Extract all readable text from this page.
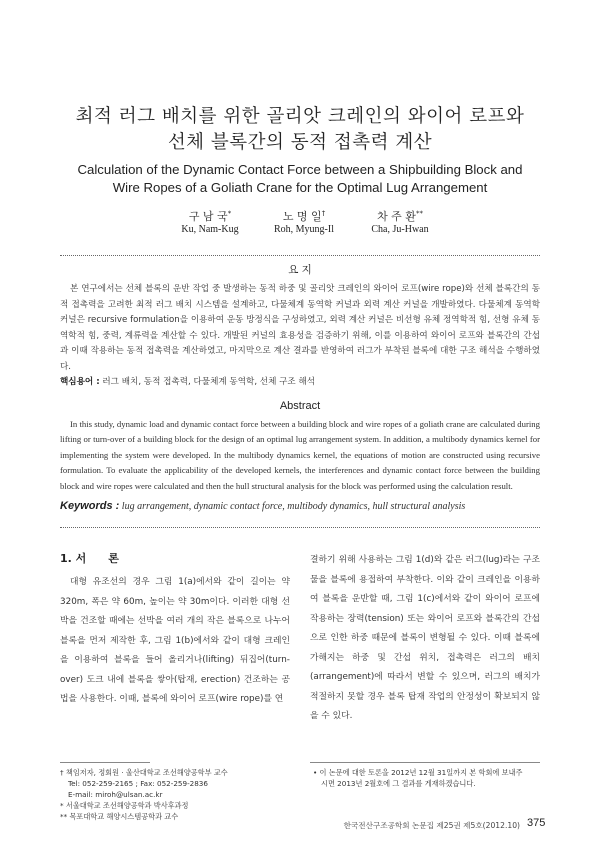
최적 러그 배치를 위한 골리앗 크레인의 와이어 로프와
선체 블록간의 동적 접촉력 계산
Calculation of the Dynamic Contact Force between a Shipbuilding Block and
Wire Ropes of a Goliath Crane for the Optimal Lug Arrangement
구 남 국*
Ku, Nam-Kug
노 명 일†
Roh, Myung-Il
차 주 환**
Cha, Ju-Hwan
요 지

본 연구에서는 선체 블록의 운반 작업 중 발생하는 동적 하중 및 골리앗 크레인의 와이어 로프(wire rope)와 선체 블록간의 동적 접촉력을 고려한 최적 러그 배치 시스템을 설계하고, 다물체계 동역학 커널과 외력 계산 커널을 개발하였다. 다물체계 동역학 커널은 recursive formulation을 이용하여 운동 방정식을 구성하였고, 외력 계산 커널은 비선형 유체 정역학적 힘, 선형 유체 동역학적 힘, 중력, 계류력을 계산할 수 있다. 개발된 커널의 효용성을 검증하기 위해, 이를 이용하여 와이어 로프와 블록간의 간섭과 이때 작용하는 동적 접촉력을 계산하였고, 마지막으로 계산 결과를 반영하여 러그가 부착된 블록에 대한 구조 해석을 수행하였다.

핵심용어 : 러그 배치, 동적 접촉력, 다물체계 동역학, 선체 구조 해석
Abstract

In this study, dynamic load and dynamic contact force between a building block and wire ropes of a goliath crane are calculated during lifting or turn-over of a building block for the design of an optimal lug arrangement system. In addition, a multibody dynamics kernel for implementing the system were developed. In the multibody dynamics kernel, the equations of motion are constructed using recursive formulation. To evaluate the applicability of the developed kernels, the interferences and dynamic contact force between the building block and wire ropes were calculated and then the hull structural analysis for the block was performed using the calculation result.

Keywords : lug arrangement, dynamic contact force, multibody dynamics, hull structural analysis
1. 서　　론

대형 유조선의 경우 그림 1(a)에서와 같이 길이는 약 320m, 폭은 약 60m, 높이는 약 30m이다. 이러한 대형 선박을 건조할 때에는 선박을 여러 개의 작은 블록으로 나누어 블록을 먼저 제작한 후, 그림 1(b)에서와 같이 대형 크레인을 이용하여 블록을 들어 올리거나(lifting) 뒤집어(turn-over) 도크 내에 블록을 쌓아(탑재, erection) 건조하는 공법을 사용한다. 이때, 블록에 와이어 로프(wire rope)를 연

결하기 위해 사용하는 그림 1(d)와 같은 러그(lug)라는 구조물을 블록에 용접하여 부착한다. 이와 같이 크레인을 이용하여 블록을 운반할 때, 그림 1(c)에서와 같이 와이어 로프에 작용하는 장력(tension) 또는 와이어 로프와 블록간의 간섭으로 인한 하중 때문에 블록이 변형될 수 있다. 이때 블록에 가해지는 하중 및 간섭 위치, 접촉력은 러그의 배치(arrangement)에 따라서 변할 수 있으며, 러그의 배치가 적절하지 못할 경우 블록 탑재 작업의 안정성이 확보되지 않을 수 있다.

† 책임저자, 정회원 · 울산대학교 조선해양공학부 교수
Tel: 052-259-2165 ; Fax: 052-259-2836
E-mail: miroh@ulsan.ac.kr
* 서울대학교 조선해양공학과 박사후과정
** 목포대학교 해양시스템공학과 교수
• 이 논문에 대한 토론을 2012년 12월 31일까지 본 학회에 보내주
시면 2013년 2월호에 그 결과를 게재하겠습니다.
한국전산구조공학회 논문집 제25권 제5호(2012.10) 375
